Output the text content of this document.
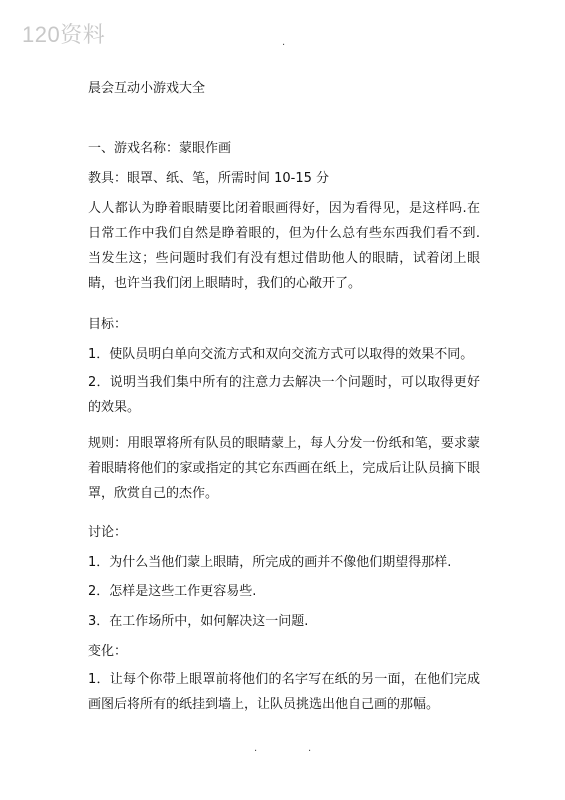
120资料	.
晨会互动小游戏大全
一、游戏名称：蒙眼作画
教具：眼罩、纸、笔，所需时间 10-15 分
人人都认为睁着眼睛要比闭着眼画得好，因为看得见，是这样吗.在日常工作中我们自然是睁着眼的，但为什么总有些东西我们看不到.当发生这；些问题时我们有没有想过借助他人的眼睛，试着闭上眼睛，也许当我们闭上眼睛时，我们的心敞开了。
目标：
1．使队员明白单向交流方式和双向交流方式可以取得的效果不同。
2．说明当我们集中所有的注意力去解决一个问题时，可以取得更好的效果。
规则：用眼罩将所有队员的眼睛蒙上，每人分发一份纸和笔，要求蒙着眼睛将他们的家或指定的其它东西画在纸上，完成后让队员摘下眼罩，欣赏自己的杰作。
讨论：
1．为什么当他们蒙上眼睛，所完成的画并不像他们期望得那样.
2．怎样是这些工作更容易些.
3．在工作场所中，如何解决这一问题.
变化：
1．让每个你带上眼罩前将他们的名字写在纸的另一面，在他们完成画图后将所有的纸挂到墙上，让队员挑选出他自己画的那幅。
.	.
